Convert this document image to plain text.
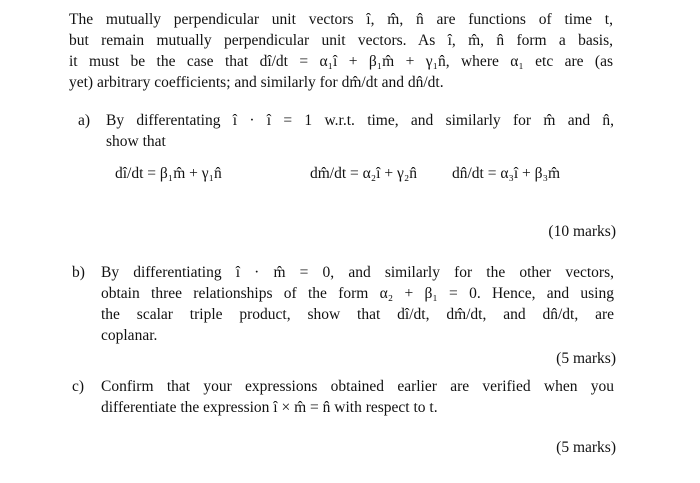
The mutually perpendicular unit vectors î, m̂, n̂ are functions of time t,

but remain mutually perpendicular unit vectors. As î, m̂, n̂ form a basis,

it must be the case that dî/dt = α₁î + β₁m̂ + γ₁n̂, where α₁ etc are (as

yet) arbitrary coefficients; and similarly for dm̂/dt and dn̂/dt.

a) By differentating î · î = 1 w.r.t. time, and similarly for m̂ and n̂,

show that

dî/dt = β₁m̂ + γ₁n̂	dm̂/dt = α₂î + γ₂n̂ dn̂/dt = α₃î + β₃m̂
(10 marks)
b) By differentiating î · m̂ = 0, and similarly for the other vectors,

obtain three relationships of the form α₂ + β₁ = 0. Hence, and using

the scalar triple product, show that dî/dt, dm̂/dt, and dn̂/dt, are

coplanar.

(5 marks)
c) Confirm that your expressions obtained earlier are verified when you

differentiate the expression î × m̂ = n̂ with respect to t.

(5 marks)
